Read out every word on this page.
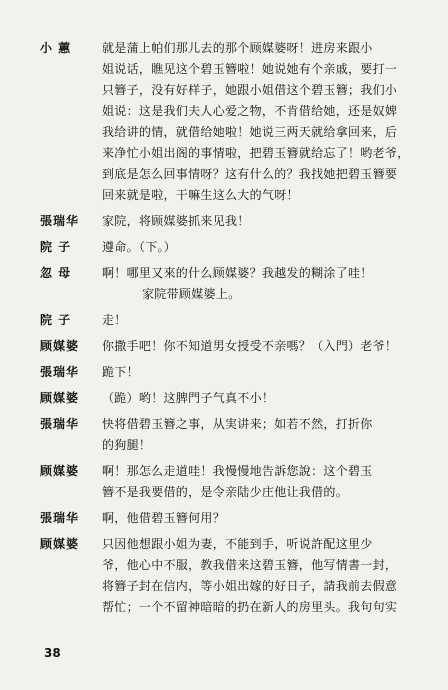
小 蕙	就是蒲上帕们那儿去的那个顾媒婆呀！进房来跟小
姐说话，瞧见这个碧玉簪啦！她说她有个亲戚，要打一
只簪子，没有好样子，她跟小姐借这个碧玉簪；我们小
姐说：这是我们夫人心爱之物，不肯借给她，还是奴婢
我给讲的情，就借给她啦！她说三两天就给拿回来，后
来净忙小姐出阁的事情啦，把碧玉簪就给忘了！哟老爷，
到底是怎么回事情呀？这有什么的？我找她把碧玉簪要
回来就是啦，干嘛生这么大的气呀！
張瑞华	家院，将顾媒婆抓来见我！
院 子	遵命。（下。）
忽 母	啊！哪里又來的什么顾媒婆？我越发的糊涂了哇！
家院带顾媒婆上。
院 子	走！
顾媒婆	你撒手吧！你不知道男女授受不亲嗎？（入門）老爷！
張瑞华	跪下！
顾媒婆	（跪）哟！这脾門子气真不小！
張瑞华	快将借碧玉簪之事，从実讲来；如若不然，打折你
的狗腿！
顾媒婆	啊！那怎么走道哇！我慢慢地告訴您說：这个碧玉
簪不是我要借的，是令亲陆少庄他让我借的。
張瑞华	啊，他借碧玉簪何用？
顾媒婆	只因他想跟小姐为妻，不能到手，听说許配这里少
爷，他心中不服，教我借来这碧玉簪，他写情書一封，
将簪子封在信内，等小姐出嫁的好日子，請我前去假意
帮忙；一个不留神暗暗的扔在新人的房里头。我句句实
38
